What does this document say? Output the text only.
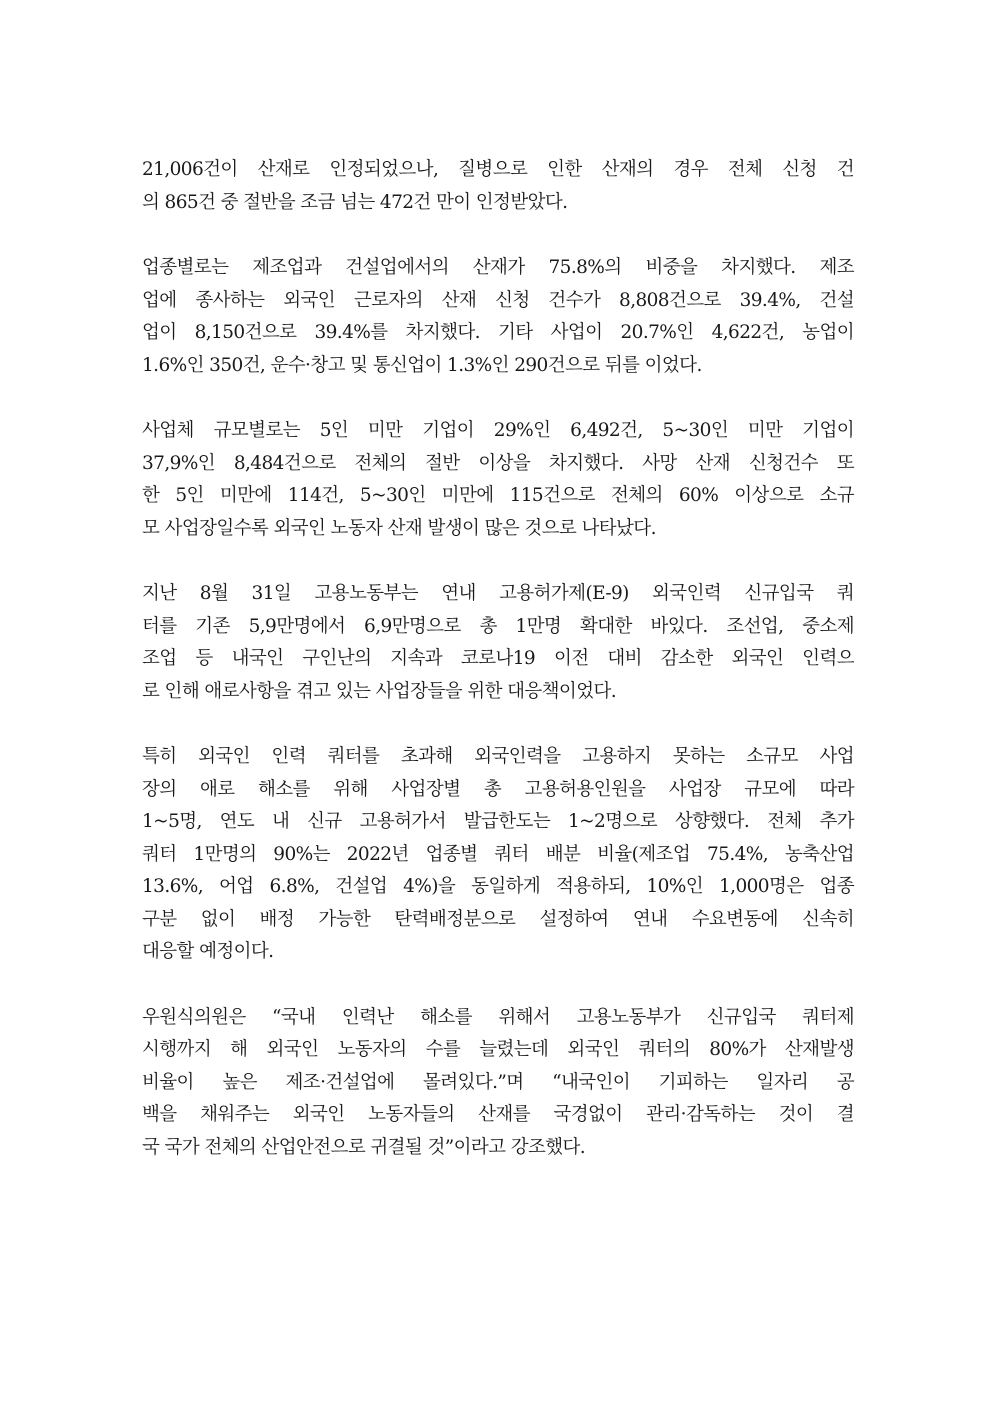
21,006건이 산재로 인정되었으나, 질병으로 인한 산재의 경우 전체 신청 건
의 865건 중 절반을 조금 넘는 472건 만이 인정받았다.
업종별로는 제조업과 건설업에서의 산재가 75.8%의 비중을 차지했다. 제조
업에 종사하는 외국인 근로자의 산재 신청 건수가 8,808건으로 39.4%, 건설
업이 8,150건으로 39.4%를 차지했다. 기타 사업이 20.7%인 4,622건, 농업이
1.6%인 350건, 운수·창고 및 통신업이 1.3%인 290건으로 뒤를 이었다.
사업체 규모별로는 5인 미만 기업이 29%인 6,492건, 5~30인 미만 기업이
37,9%인 8,484건으로 전체의 절반 이상을 차지했다. 사망 산재 신청건수 또
한 5인 미만에 114건, 5~30인 미만에 115건으로 전체의 60% 이상으로 소규
모 사업장일수록 외국인 노동자 산재 발생이 많은 것으로 나타났다.
지난 8월 31일 고용노동부는 연내 고용허가제(E-9) 외국인력 신규입국 쿼
터를 기존 5,9만명에서 6,9만명으로 총 1만명 확대한 바있다. 조선업, 중소제
조업 등 내국인 구인난의 지속과 코로나19 이전 대비 감소한 외국인 인력으
로 인해 애로사항을 겪고 있는 사업장들을 위한 대응책이었다.
특히 외국인 인력 쿼터를 초과해 외국인력을 고용하지 못하는 소규모 사업
장의 애로 해소를 위해 사업장별 총 고용허용인원을 사업장 규모에 따라
1~5명, 연도 내 신규 고용허가서 발급한도는 1~2명으로 상향했다. 전체 추가
쿼터 1만명의 90%는 2022년 업종별 쿼터 배분 비율(제조업 75.4%, 농축산업
13.6%, 어업 6.8%, 건설업 4%)을 동일하게 적용하되, 10%인 1,000명은 업종
구분 없이 배정 가능한 탄력배정분으로 설정하여 연내 수요변동에 신속히
대응할 예정이다.
우원식의원은 “국내 인력난 해소를 위해서 고용노동부가 신규입국 쿼터제
시행까지 해 외국인 노동자의 수를 늘렸는데 외국인 쿼터의 80%가 산재발생
비율이 높은 제조·건설업에 몰려있다.”며 “내국인이 기피하는 일자리 공
백을 채워주는 외국인 노동자들의 산재를 국경없이 관리·감독하는 것이 결
국 국가 전체의 산업안전으로 귀결될 것”이라고 강조했다.
